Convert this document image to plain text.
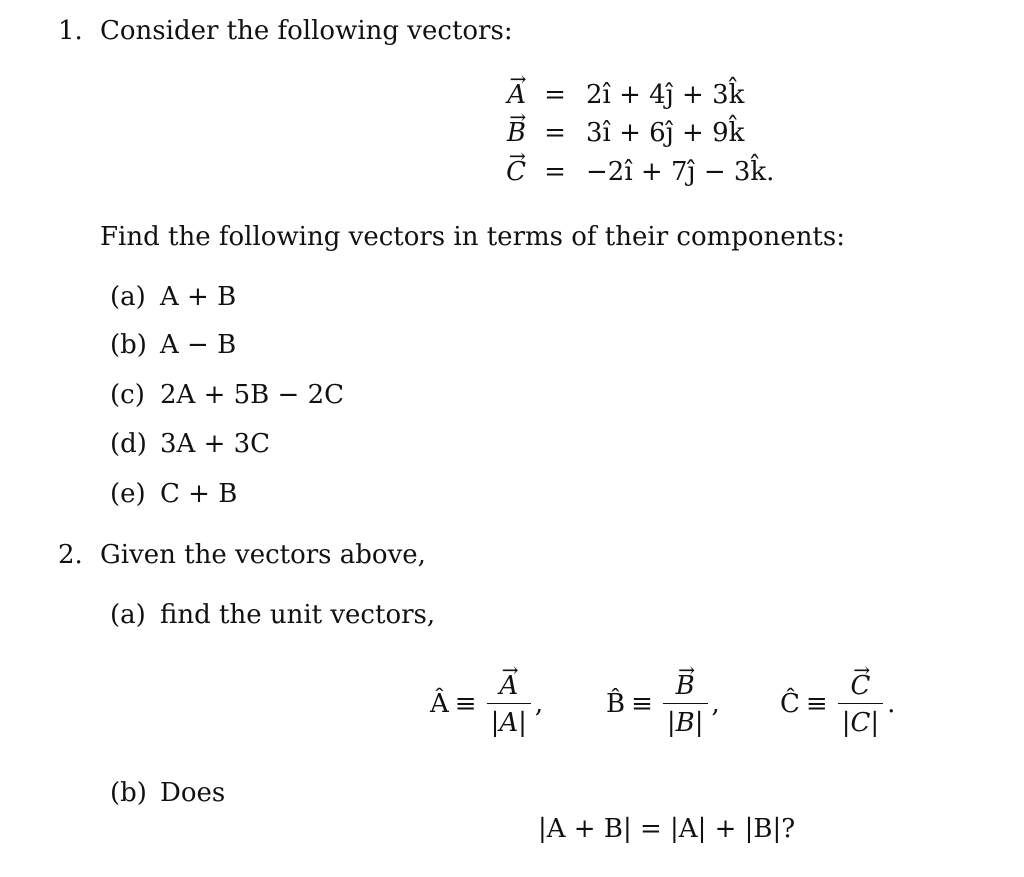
1. Consider the following vectors:
→ A = 2î + 4ĵ + 3k̂
→ B = 3î + 6ĵ + 9k̂
→ C = −2î + 7ĵ − 3k̂.
Find the following vectors in terms of their components:
(a) A + B
(b) A − B
(c) 2A + 5B − 2C
(d) 3A + 3C
(e) C + B
2. Given the vectors above,
(a) find the unit vectors,
Â ≡ → $\frac{A}{|A|}$ , B̂ ≡ → $\frac{B}{|B|}$ , Ĉ ≡ → $\frac{C}{|C|}$ .
(b) Does
|A + B| = |A| + |B|?
